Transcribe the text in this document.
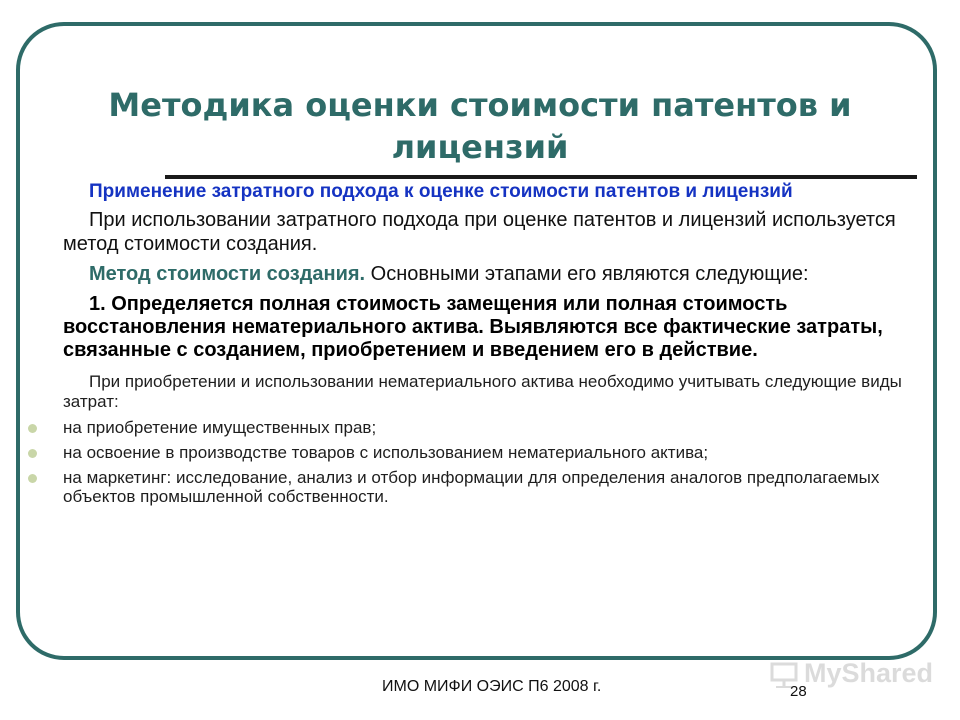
Методика оценки стоимости патентов и лицензий

Применение затратного подхода к оценке стоимости патентов и лицензий

При использовании затратного подхода при оценке патентов и лицензий используется метод стоимости создания.

Метод стоимости создания. Основными этапами его являются следующие:

1. Определяется полная стоимость замещения или полная стоимость восстановления нематериального актива. Выявляются все фактические затраты, связанные с созданием, приобретением и введением его в действие.

При приобретении и использовании нематериального актива необходимо учитывать следующие виды затрат:

на приобретение имущественных прав;
на освоение в производстве товаров с использованием нематериального актива;
на маркетинг: исследование, анализ и отбор информации для определения аналогов предполагаемых объектов промышленной собственности.
ИМО МИФИ ОЭИС П6 2008 г.	MyShared
28
